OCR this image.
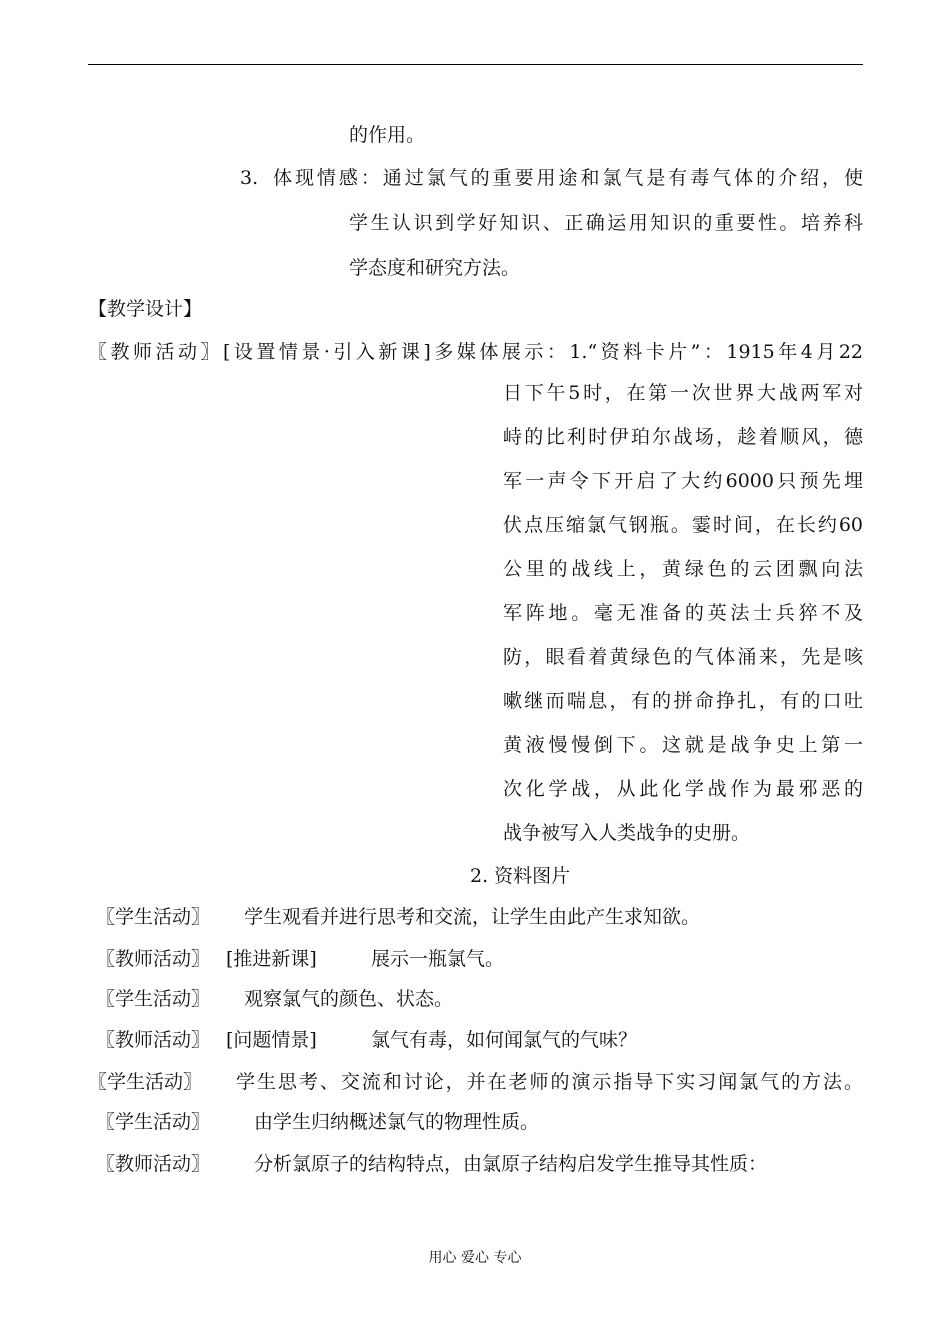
的作用。
3. 体现情感：通过氯气的重要用途和氯气是有毒气体的介绍，使
学生认识到学好知识、正确运用知识的重要性。培养科
学态度和研究方法。
【教学设计】
〖教师活动〗[设置情景·引入新课]多媒体展示：1.“资料卡片”：1915年4月22
日下午5时，在第一次世界大战两军对
峙的比利时伊珀尔战场，趁着顺风，德
军一声令下开启了大约6000只预先埋
伏点压缩氯气钢瓶。霎时间，在长约60
公里的战线上，黄绿色的云团飘向法
军阵地。毫无准备的英法士兵猝不及
防，眼看着黄绿色的气体涌来，先是咳
嗽继而喘息，有的拼命挣扎，有的口吐
黄液慢慢倒下。这就是战争史上第一
次化学战，从此化学战作为最邪恶的
战争被写入人类战争的史册。
2. 资料图片
〖学生活动〗 学生观看并进行思考和交流，让学生由此产生求知欲。
〖教师活动〗 [推进新课]	展示一瓶氯气。
〖学生活动〗 观察氯气的颜色、状态。
〖教师活动〗 [问题情景]	氯气有毒，如何闻氯气的气味？
〖学生活动〗 学生思考、交流和讨论，并在老师的演示指导下实习闻氯气的方法。
〖学生活动〗 由学生归纳概述氯气的物理性质。
〖教师活动〗 分析氯原子的结构特点，由氯原子结构启发学生推导其性质：
用心 爱心 专心
